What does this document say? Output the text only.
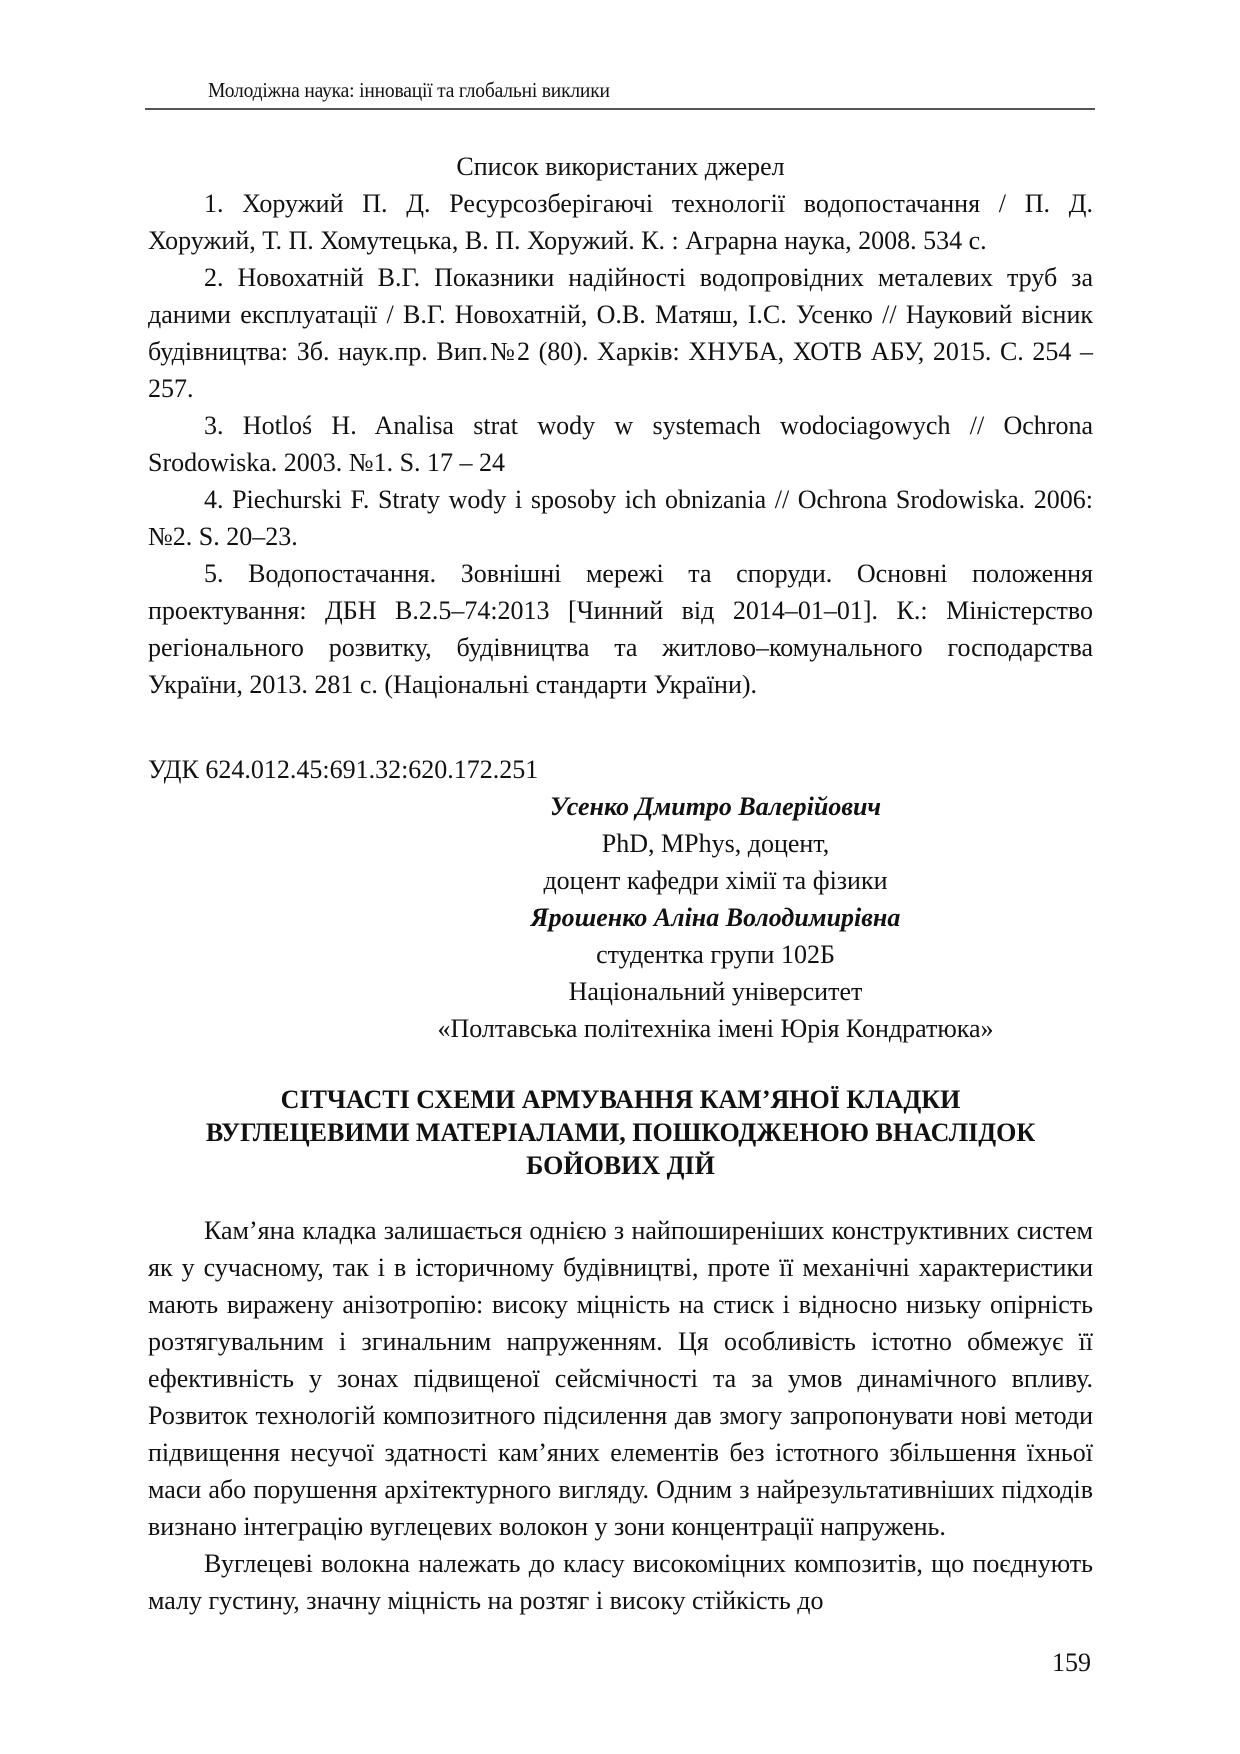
Молодіжна наука: інновації та глобальні виклики
Список використаних джерел

1. Хоружий П. Д. Ресурсозберігаючі технології водопостачання / П. Д. Хоружий, Т. П. Хомутецька, В. П. Хоружий. К. : Аграрна наука, 2008. 534 с.

2. Новохатній В.Г. Показники надійності водопровідних металевих труб за даними експлуатації / В.Г. Новохатній, О.В. Матяш, І.С. Усенко // Науковий вісник будівництва: Зб. наук.пр. Вип.№2 (80). Харків: ХНУБА, ХОТВ АБУ, 2015. С. 254 – 257.

3. Hotloś H. Analisa strat wody w systemach wodociagowych // Ochrona Srodowiska. 2003. №1. S. 17 – 24

4. Piechurski F. Straty wody i sposoby ich obnizania // Ochrona Srodowiska. 2006: №2. S. 20–23.

5. Водопостачання. Зовнішні мережі та споруди. Основні положення проектування: ДБН В.2.5–74:2013 [Чинний від 2014–01–01]. К.: Міністерство регіонального розвитку, будівництва та житлово–комунального господарства України, 2013. 281 с. (Національні стандарти України).

УДК 624.012.45:691.32:620.172.251

Усенко Дмитро Валерійович
PhD, MPhys, доцент,
доцент кафедри хімії та фізики
Ярошенко Аліна Володимирівна
студентка групи 102Б
Національний університет
«Полтавська політехніка імені Юрія Кондратюка»
СІТЧАСТІ СХЕМИ АРМУВАННЯ КАМ’ЯНОЇ КЛАДКИ
ВУГЛЕЦЕВИМИ МАТЕРІАЛАМИ, ПОШКОДЖЕНОЮ ВНАСЛІДОК
БОЙОВИХ ДІЙ

Кам’яна кладка залишається однією з найпоширеніших конструктивних систем як у сучасному, так і в історичному будівництві, проте її механічні характеристики мають виражену анізотропію: високу міцність на стиск і відносно низьку опірність розтягувальним і згинальним напруженням. Ця особливість істотно обмежує її ефективність у зонах підвищеної сейсмічності та за умов динамічного впливу. Розвиток технологій композитного підсилення дав змогу запропонувати нові методи підвищення несучої здатності кам’яних елементів без істотного збільшення їхньої маси або порушення архітектурного вигляду. Одним з найрезультативніших підходів визнано інтеграцію вуглецевих волокон у зони концентрації напружень.

Вуглецеві волокна належать до класу високоміцних композитів, що поєднують малу густину, значну міцність на розтяг і високу стійкість до

159
